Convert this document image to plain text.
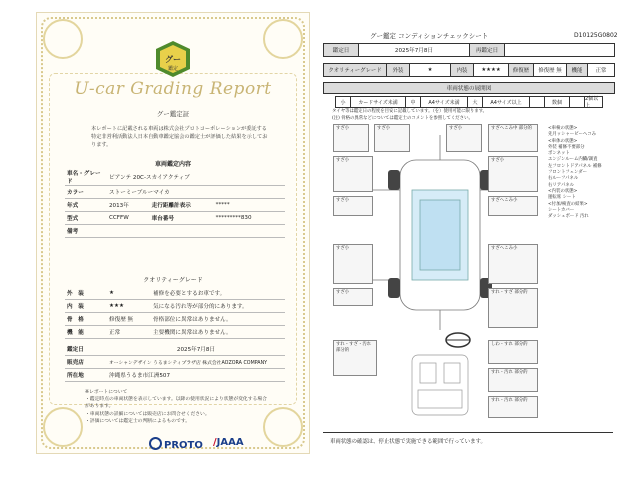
グー
鑑定
U-car Grading Report
グー鑑定証
本レポートに記載される車両は株式会社プロトコーポレーションが委託する特定非営利活動法人日本自動車鑑定協会の鑑定士が評価した結果を示しております。
車両鑑定内容
車名・グレード	ピアンテ 20C-スカイアクティブ		
カラー	ストーミーブルーマイカ		
年式	2013年	走行距離計表示	*****
型式	CCFFW	車台番号	*********830
備考			
クオリティーグレード
外　装	★	補修を必要とするお車です。
内　装	★★★	気になる汚れ等が部分的にあります。
骨　格	修復歴 無	骨格部位に異常はありません。
機　能	正常	主要機関に異常はありません。
鑑定日	2025年7月8日
販売店	オーシャンデザイン うるまシティプラザ店 株式会社AOZORA COMPANY
所在地	沖縄県うるま市江洲507
※レポートについて
・鑑定時点の車両状態を表示しています。以降の使用状況により状態が変化する場合があります。
・車両状態の詳細については販売店にお問合せください。
・評価については鑑定士の判断によるものです。
PROTO /JAAA
グー鑑定 コンディションチェックシート	D10125G0802
鑑定日	2025年7月8日	再鑑定日
クオリティーグレード	外装	★	内装	★★★★	修復歴	修復歴 無	機能	正常
車両状態の展開図
小	カードサイズ未満	中	A4サイズ未満	大	A4サイズ以上	数個
2個以上
タイヤ等は鑑定日の程度を目安に記載しています。（を）使用可能に限ります。
(注) 骨格の異常などについては鑑定士のコメントを参照してください。
すざ小	すざ小	すざ小	すざへこみ中 部分的
すざ小	すざ小
すざ小	すざへこみ小
すざ小	すざへこみ小
すざ小	すれ・すざ 部分的
すれ・すざ・汚れ 部分的
しわ・すれ 部分的
すれ・汚れ 部分的
すれ・汚れ 部分的
<車検の状態>
先月ッシャービーヘコみ
<車体の状態>
外装 補修不要部分
ボンネット
エンジンルーム内臓/調査
左フロントドアパネル 補修
フロントフェンダー
右ルーフパネル
右リアパネル
<内装の状態>
運転席 シート
<付加/検査の結果>
シートカバー
ダッシュボード 汚れ
車両状態の確認は、停止状態で実施できる範囲で行っています。
